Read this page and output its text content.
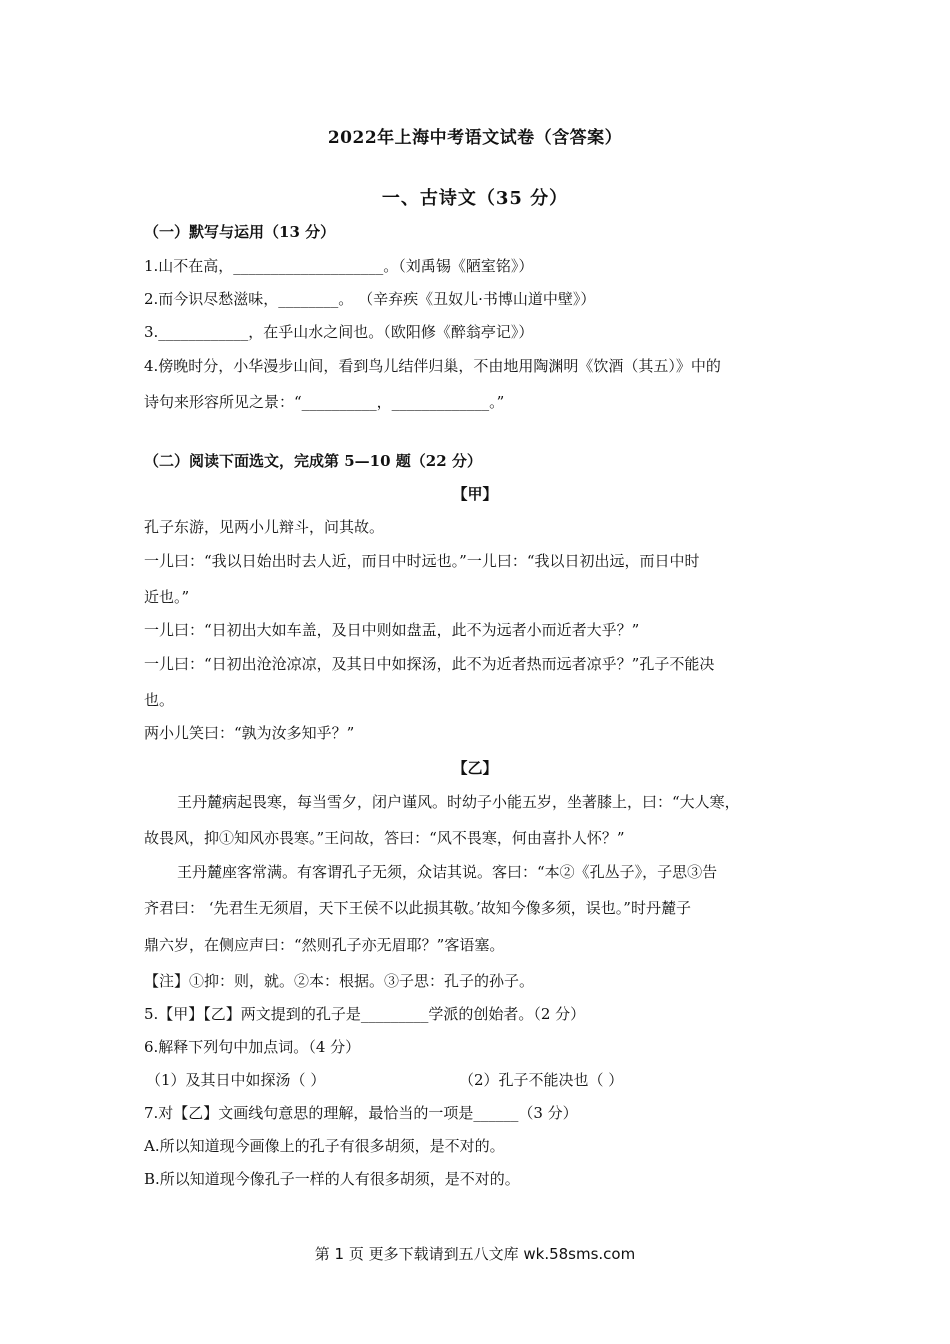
2022年上海中考语文试卷（含答案）
一、古诗文（35 分）
（一）默写与运用（13 分）
1.山不在高，____________________。（刘禹锡《陋室铭》）
2.而今识尽愁滋味，________。 （辛弃疾《丑奴儿·书博山道中壁》）
3.____________，在乎山水之间也。（欧阳修《醉翁亭记》）
4.傍晚时分，小华漫步山间，看到鸟儿结伴归巢，不由地用陶渊明《饮酒（其五）》中的
诗句来形容所见之景：“__________，_____________。”
（二）阅读下面选文，完成第 5—10 题（22 分）
【甲】
孔子东游，见两小儿辩斗，问其故。
一儿曰：“我以日始出时去人近，而日中时远也。”一儿曰：“我以日初出远，而日中时
近也。”
一儿曰：“日初出大如车盖，及日中则如盘盂，此不为远者小而近者大乎？”
一儿曰：“日初出沧沧凉凉，及其日中如探汤，此不为近者热而远者凉乎？”孔子不能决
也。
两小儿笑曰：“孰为汝多知乎？”
【乙】
王丹麓病起畏寒，每当雪夕，闭户谨风。时幼子小能五岁，坐著膝上，曰：“大人寒，
故畏风，抑①知风亦畏寒。”王问故，答曰：“风不畏寒，何由喜扑人怀？”
王丹麓座客常满。有客谓孔子无须，众诘其说。客曰：“本②《孔丛子》，子思③告
齐君曰： ‘先君生无须眉，天下王侯不以此损其敬。’故知今像多须，误也。”时丹麓子
鼎六岁，在侧应声曰：“然则孔子亦无眉耶？”客语塞。
【注】①抑：则，就。②本：根据。③子思：孔子的孙子。
5.【甲】【乙】两文提到的孔子是_________学派的创始者。（2 分）
6.解释下列句中加点词。（4 分）
（1）及其日中如探汤（ ）	（2）孔子不能决也（ ）
7.对【乙】文画线句意思的理解，最恰当的一项是______（3 分）
A.所以知道现今画像上的孔子有很多胡须，是不对的。
B.所以知道现今像孔子一样的人有很多胡须，是不对的。
第 1 页 更多下载请到五八文库 wk.58sms.com
